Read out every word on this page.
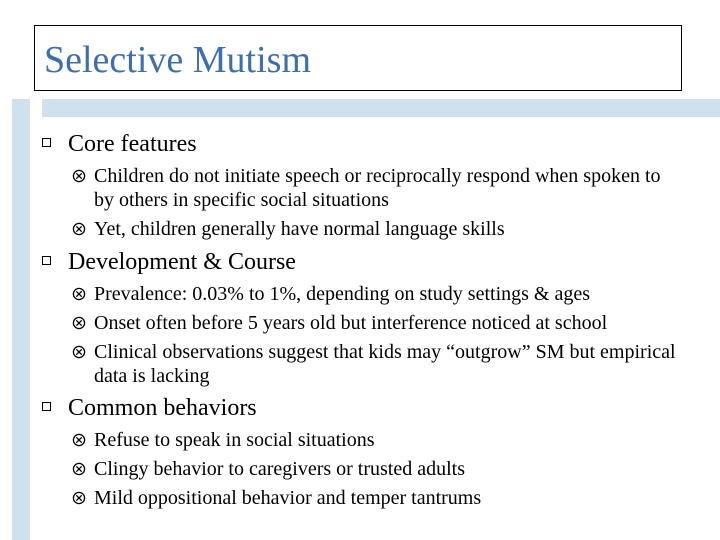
Selective Mutism
Core features
Children do not initiate speech or reciprocally respond when spoken to by others in specific social situations
Yet, children generally have normal language skills
Development & Course
Prevalence: 0.03% to 1%, depending on study settings & ages
Onset often before 5 years old but interference noticed at school
Clinical observations suggest that kids may “outgrow” SM but empirical data is lacking
Common behaviors
Refuse to speak in social situations
Clingy behavior to caregivers or trusted adults
Mild oppositional behavior and temper tantrums
